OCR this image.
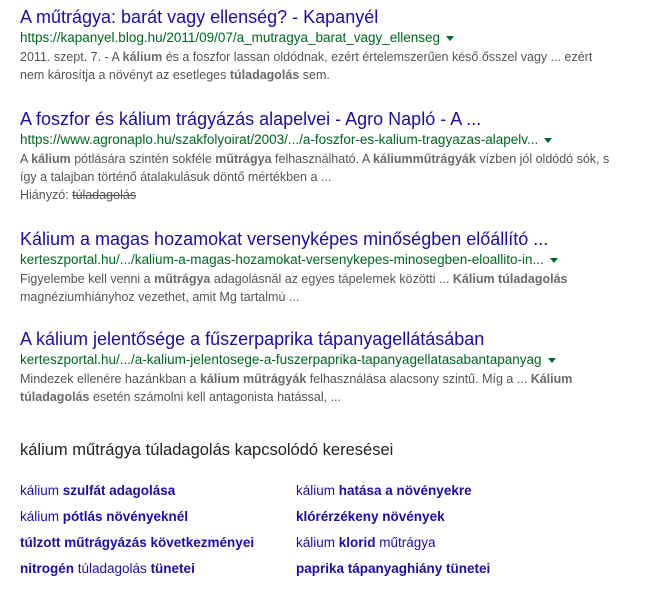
A műtrágya: barát vagy ellenség? - Kapanyél
https://kapanyel.blog.hu/2011/09/07/a_mutragya_barat_vagy_ellenseg
2011. szept. 7. - A kálium és a foszfor lassan oldódnak, ezért értelemszerűen késő ősszel vagy ... ezért nem károsítja a növényt az esetleges túladagolás sem.
A foszfor és kálium trágyázás alapelvei - Agro Napló - A ...
https://www.agronaplo.hu/szakfolyoirat/2003/.../a-foszfor-es-kalium-tragyazas-alapelv...
A kálium pótlására szintén sokféle műtrágya felhasználható. A káliumműtrágyák vízben jól oldódó sók, s így a talajban történő átalakulásuk döntő mértékben a ...
Hiányzó: túladagolás
Kálium a magas hozamokat versenyképes minőségben előállító ...
kerteszportal.hu/.../kalium-a-magas-hozamokat-versenykepes-minosegben-eloallito-in...
Figyelembe kell venni a műtrágya adagolásnál az egyes tápelemek közötti ... Kálium túladagolás magnéziumhiányhoz vezethet, amit Mg tartalmú ...
A kálium jelentősége a fűszerpaprika tápanyagellátásában
kerteszportal.hu/.../a-kalium-jelentosege-a-fuszerpaprika-tapanyagellatasabantapanyag
Mindezek ellenére hazánkban a kálium műtrágyák felhasználása alacsony szintű. Míg a ... Kálium túladagolás esetén számolni kell antagonista hatással, ...
kálium műtrágya túladagolás kapcsolódó keresései
kálium szulfát adagolása	kálium hatása a növényekre
kálium pótlás növényeknél	klórérzékeny növények
túlzott műtrágyázás következményei	kálium klorid műtrágya
nitrogén túladagolás tünetei	paprika tápanyaghiány tünetei
